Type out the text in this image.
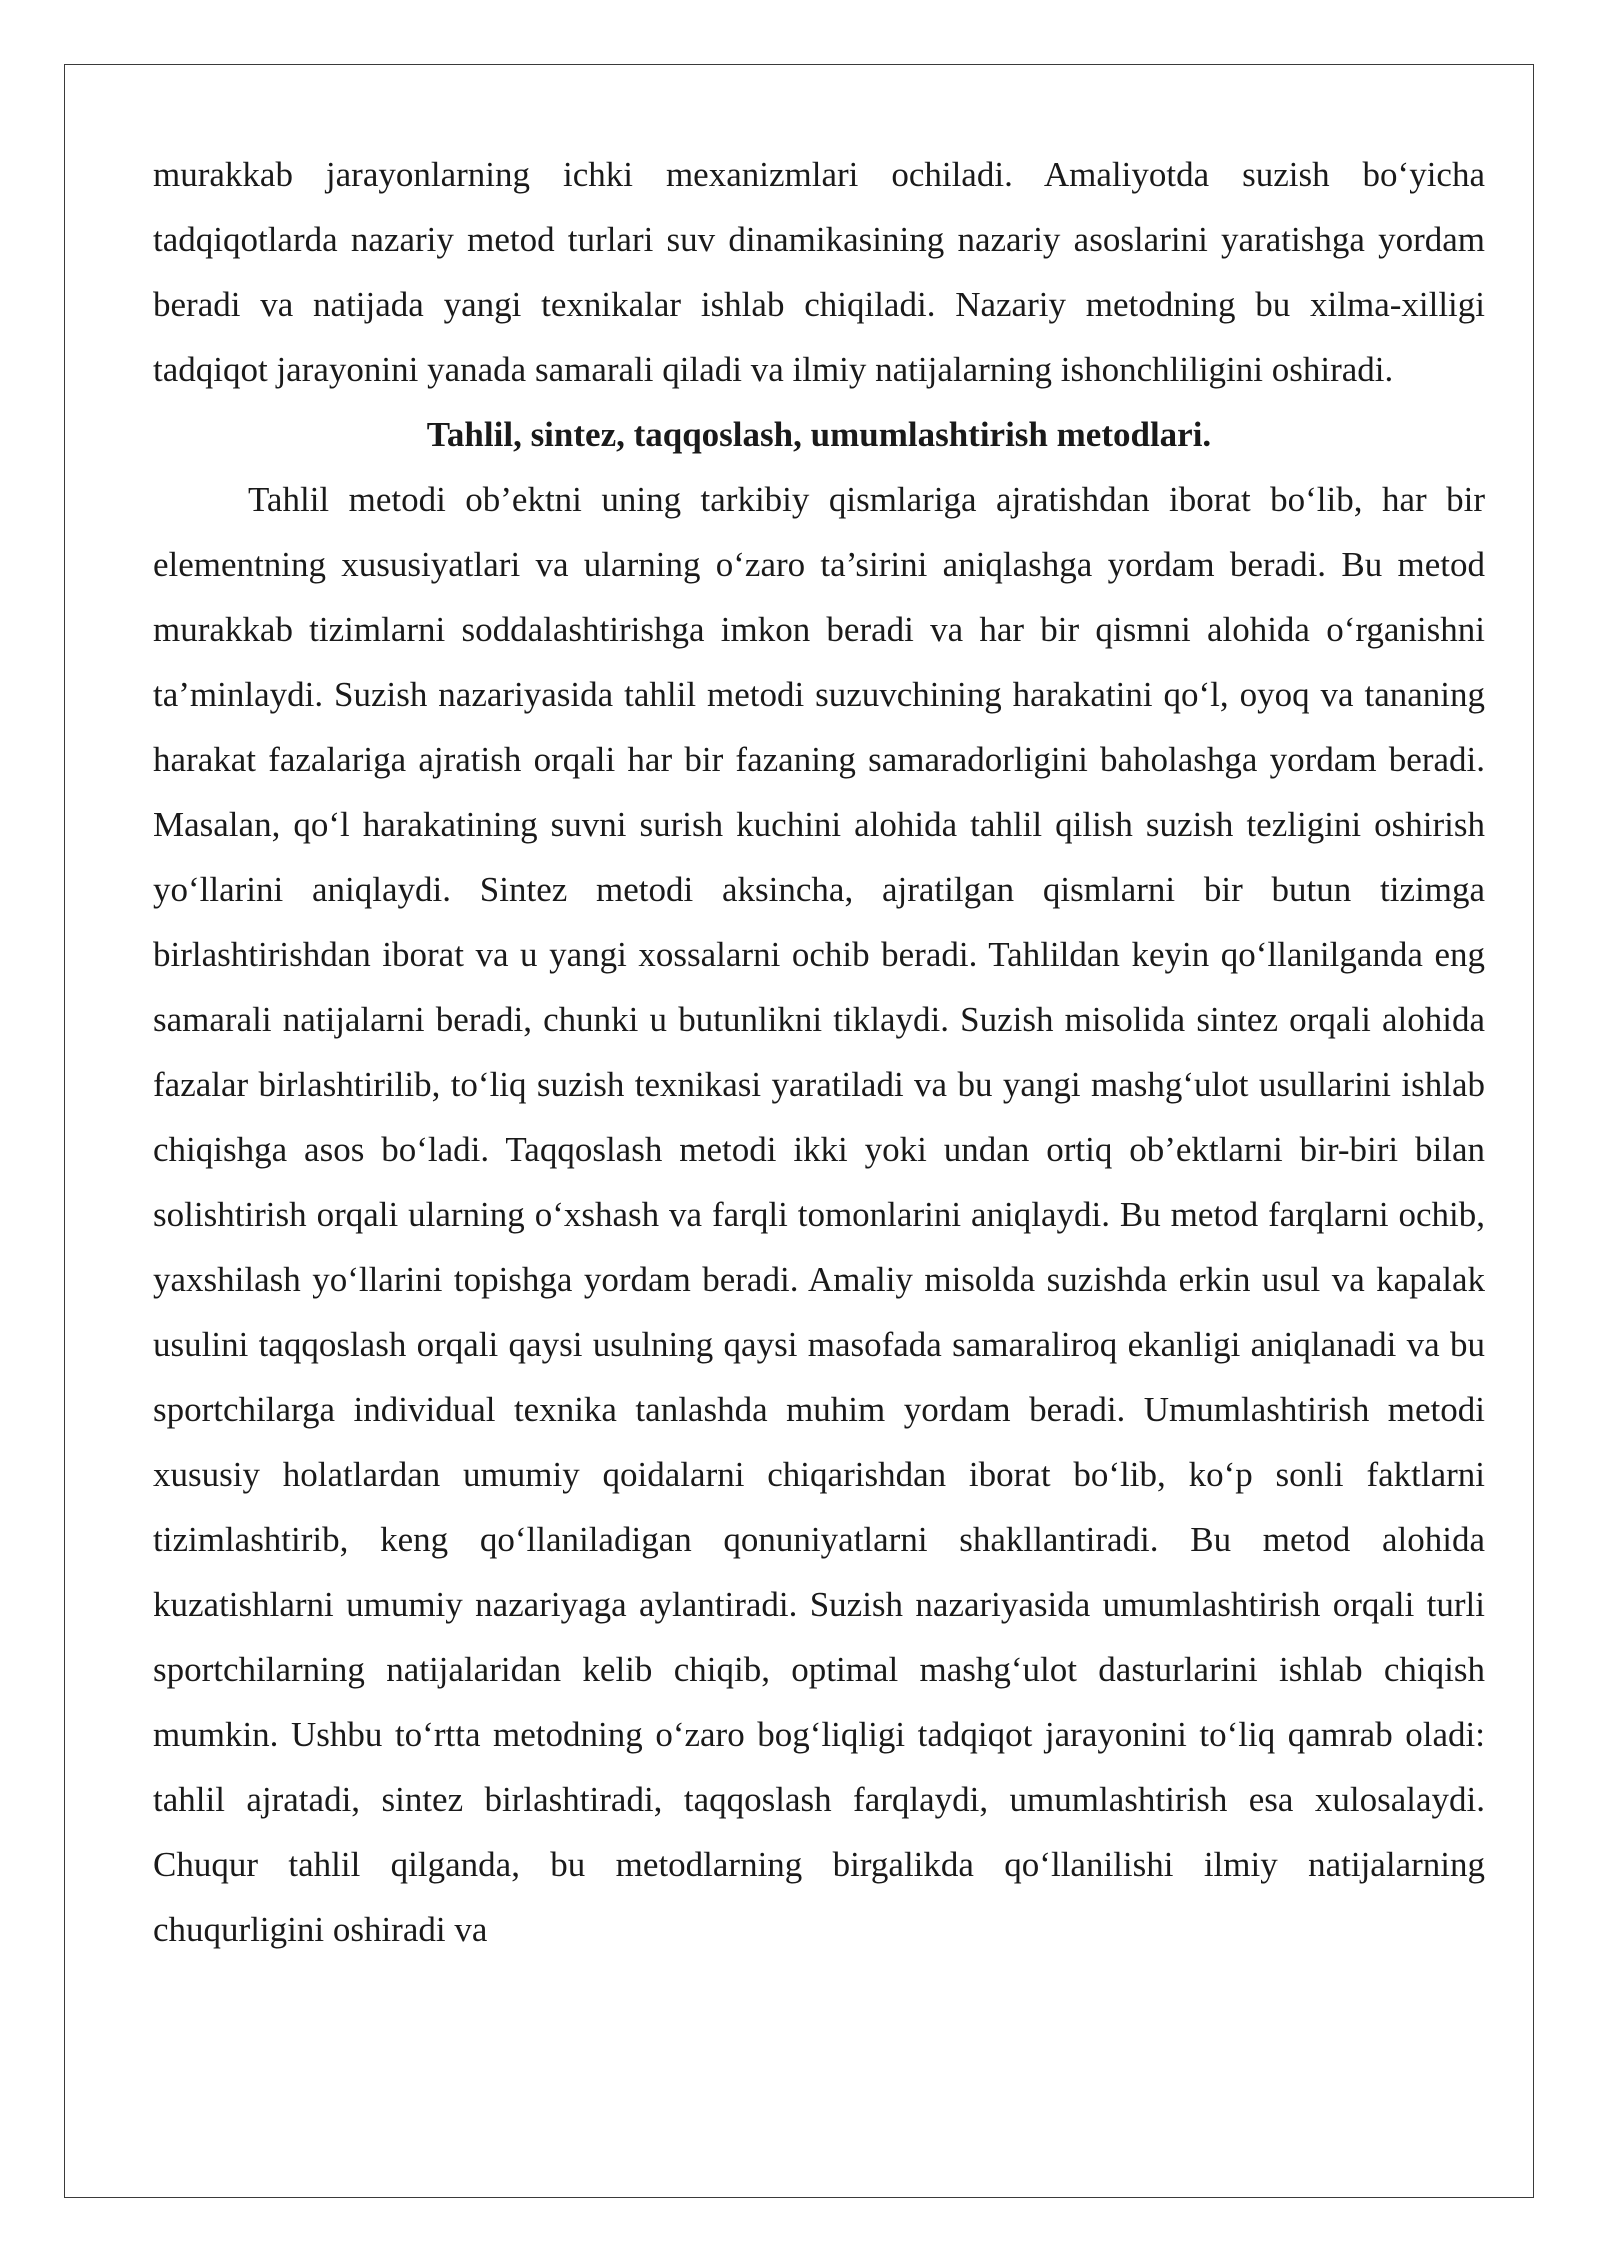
murakkab jarayonlarning ichki mexanizmlari ochiladi. Amaliyotda suzish bo‘yicha tadqiqotlarda nazariy metod turlari suv dinamikasining nazariy asoslarini yaratishga yordam beradi va natijada yangi texnikalar ishlab chiqiladi. Nazariy metodning bu xilma-xilligi tadqiqot jarayonini yanada samarali qiladi va ilmiy natijalarning ishonchliligini oshiradi.

Tahlil, sintez, taqqoslash, umumlashtirish metodlari.

Tahlil metodi ob’ektni uning tarkibiy qismlariga ajratishdan iborat bo‘lib, har bir elementning xususiyatlari va ularning o‘zaro ta’sirini aniqlashga yordam beradi. Bu metod murakkab tizimlarni soddalashtirishga imkon beradi va har bir qismni alohida o‘rganishni ta’minlaydi. Suzish nazariyasida tahlil metodi suzuvchining harakatini qo‘l, oyoq va tananing harakat fazalariga ajratish orqali har bir fazaning samaradorligini baholashga yordam beradi. Masalan, qo‘l harakatining suvni surish kuchini alohida tahlil qilish suzish tezligini oshirish yo‘llarini aniqlaydi. Sintez metodi aksincha, ajratilgan qismlarni bir butun tizimga birlashtirishdan iborat va u yangi xossalarni ochib beradi. Tahlildan keyin qo‘llanilganda eng samarali natijalarni beradi, chunki u butunlikni tiklaydi. Suzish misolida sintez orqali alohida fazalar birlashtirilib, to‘liq suzish texnikasi yaratiladi va bu yangi mashg‘ulot usullarini ishlab chiqishga asos bo‘ladi. Taqqoslash metodi ikki yoki undan ortiq ob’ektlarni bir-biri bilan solishtirish orqali ularning o‘xshash va farqli tomonlarini aniqlaydi. Bu metod farqlarni ochib, yaxshilash yo‘llarini topishga yordam beradi. Amaliy misolda suzishda erkin usul va kapalak usulini taqqoslash orqali qaysi usulning qaysi masofada samaraliroq ekanligi aniqlanadi va bu sportchilarga individual texnika tanlashda muhim yordam beradi. Umumlashtirish metodi xususiy holatlardan umumiy qoidalarni chiqarishdan iborat bo‘lib, ko‘p sonli faktlarni tizimlashtirib, keng qo‘llaniladigan qonuniyatlarni shakllantiradi. Bu metod alohida kuzatishlarni umumiy nazariyaga aylantiradi. Suzish nazariyasida umumlashtirish orqali turli sportchilarning natijalaridan kelib chiqib, optimal mashg‘ulot dasturlarini ishlab chiqish mumkin. Ushbu to‘rtta metodning o‘zaro bog‘liqligi tadqiqot jarayonini to‘liq qamrab oladi: tahlil ajratadi, sintez birlashtiradi, taqqoslash farqlaydi, umumlashtirish esa xulosalaydi. Chuqur tahlil qilganda, bu metodlarning birgalikda qo‘llanilishi ilmiy natijalarning chuqurligini oshiradi va
